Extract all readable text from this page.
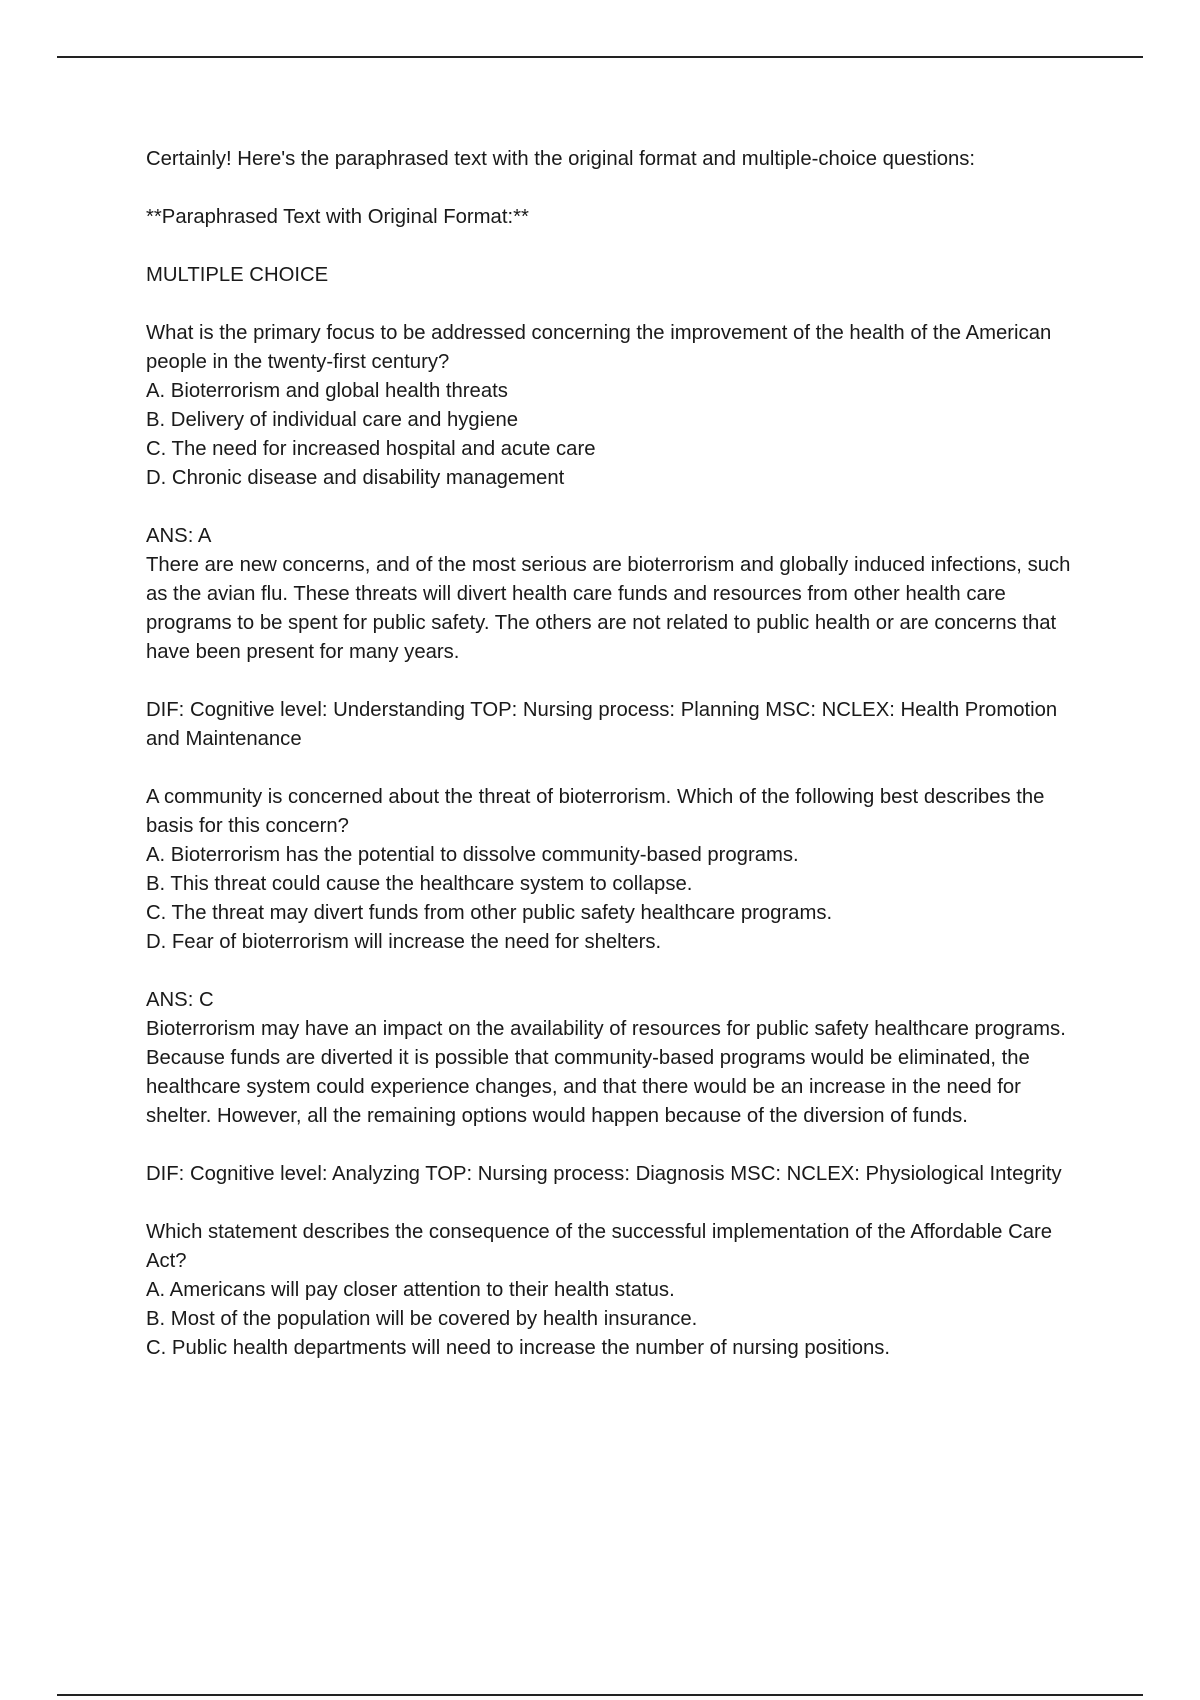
Certainly! Here's the paraphrased text with the original format and multiple-choice questions:

**Paraphrased Text with Original Format:**

MULTIPLE CHOICE

What is the primary focus to be addressed concerning the improvement of the health of the American people in the twenty-first century?

A. Bioterrorism and global health threats
B. Delivery of individual care and hygiene
C. The need for increased hospital and acute care
D. Chronic disease and disability management

ANS: A

There are new concerns, and of the most serious are bioterrorism and globally induced infections, such as the avian flu. These threats will divert health care funds and resources from other health care programs to be spent for public safety. The others are not related to public health or are concerns that have been present for many years.

DIF: Cognitive level: Understanding TOP: Nursing process: Planning MSC: NCLEX: Health Promotion and Maintenance

A community is concerned about the threat of bioterrorism. Which of the following best describes the basis for this concern?

A. Bioterrorism has the potential to dissolve community-based programs.
B. This threat could cause the healthcare system to collapse.
C. The threat may divert funds from other public safety healthcare programs.
D. Fear of bioterrorism will increase the need for shelters.

ANS: C

Bioterrorism may have an impact on the availability of resources for public safety healthcare programs. Because funds are diverted it is possible that community-based programs would be eliminated, the healthcare system could experience changes, and that there would be an increase in the need for shelter. However, all the remaining options would happen because of the diversion of funds.

DIF: Cognitive level: Analyzing TOP: Nursing process: Diagnosis MSC: NCLEX: Physiological Integrity

Which statement describes the consequence of the successful implementation of the Affordable Care Act?

A. Americans will pay closer attention to their health status.
B. Most of the population will be covered by health insurance.
C. Public health departments will need to increase the number of nursing positions.
